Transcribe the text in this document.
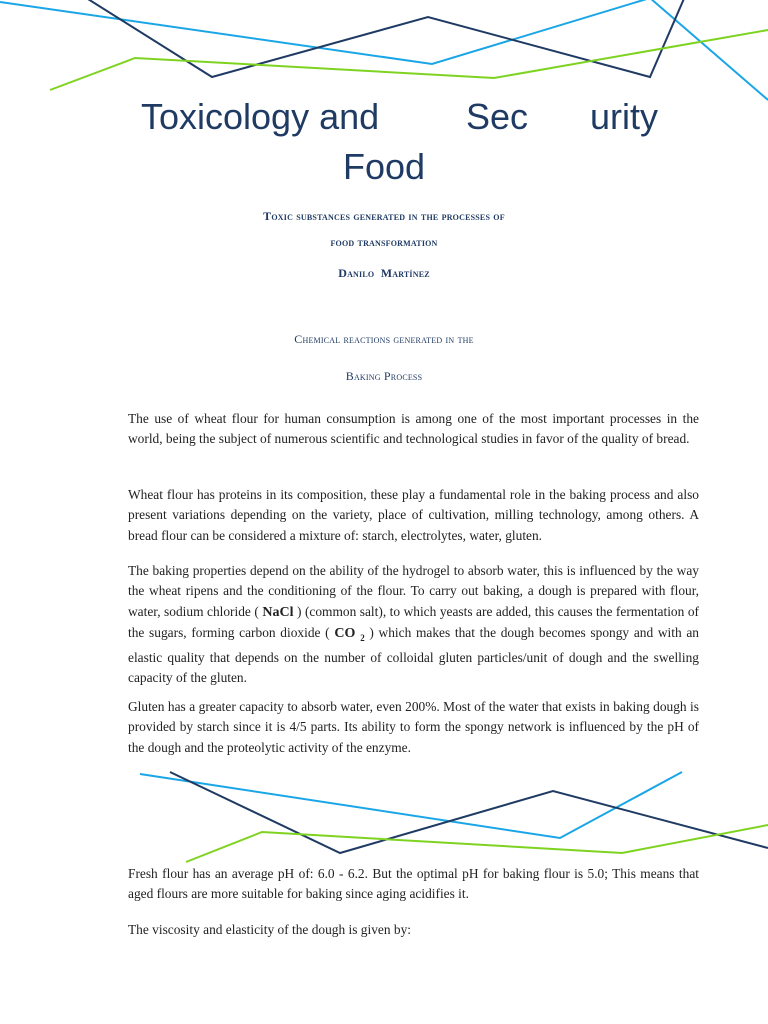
Toxicology and Sec urity
Food
Toxic substances generated in the processes of
food transformation
Danilo  Martínez
Chemical reactions generated in the
Baking Process

The use of wheat flour for human consumption is among one of the most important processes in the world, being the subject of numerous scientific and technological studies in favor of the quality of bread.

Wheat flour has proteins in its composition, these play a fundamental role in the baking process and also present variations depending on the variety, place of cultivation, milling technology, among others. A bread flour can be considered a mixture of: starch, electrolytes, water, gluten.

The baking properties depend on the ability of the hydrogel to absorb water, this is influenced by the way the wheat ripens and the conditioning of the flour. To carry out baking, a dough is prepared with flour, water, sodium chloride ( NaCl ) (common salt), to which yeasts are added, this causes the fermentation of the sugars, forming carbon dioxide ( CO $_2$ ) which makes that the dough becomes spongy and with an elastic quality that depends on the number of colloidal gluten particles/unit of dough and the swelling capacity of the gluten.

Gluten has a greater capacity to absorb water, even 200%. Most of the water that exists in baking dough is provided by starch since it is 4/5 parts. Its ability to form the spongy network is influenced by the pH of the dough and the proteolytic activity of the enzyme.

Fresh flour has an average pH of: 6.0 - 6.2. But the optimal pH for baking flour is 5.0; This means that aged flours are more suitable for baking since aging acidifies it.

The viscosity and elasticity of the dough is given by:
